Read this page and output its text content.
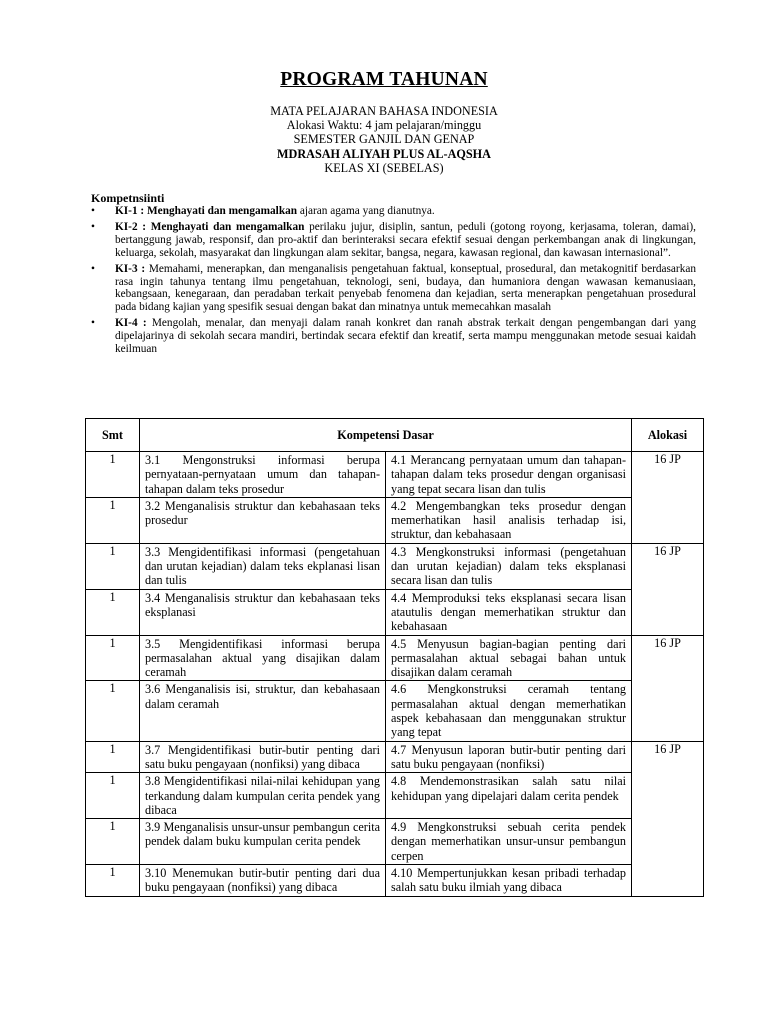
PROGRAM TAHUNAN
MATA PELAJARAN BAHASA INDONESIA
Alokasi Waktu: 4 jam pelajaran/minggu
SEMESTER GANJIL DAN GENAP
MDRASAH ALIYAH PLUS AL-AQSHA
KELAS XI (SEBELAS)
Kompetnsiinti
• KI-1 : Menghayati dan mengamalkan ajaran agama yang dianutnya.
• KI-2 : Menghayati dan mengamalkan perilaku jujur, disiplin, santun, peduli (gotong royong, kerjasama, toleran, damai), bertanggung jawab, responsif, dan pro-aktif dan berinteraksi secara efektif sesuai dengan perkembangan anak di lingkungan, keluarga, sekolah, masyarakat dan lingkungan alam sekitar, bangsa, negara, kawasan regional, dan kawasan internasional”.
• KI-3 : Memahami, menerapkan, dan menganalisis pengetahuan faktual, konseptual, prosedural, dan metakognitif berdasarkan rasa ingin tahunya tentang ilmu pengetahuan, teknologi, seni, budaya, dan humaniora dengan wawasan kemanusiaan, kebangsaan, kenegaraan, dan peradaban terkait penyebab fenomena dan kejadian, serta menerapkan pengetahuan prosedural pada bidang kajian yang spesifik sesuai dengan bakat dan minatnya untuk memecahkan masalah
• KI-4 : Mengolah, menalar, dan menyaji dalam ranah konkret dan ranah abstrak terkait dengan pengembangan dari yang dipelajarinya di sekolah secara mandiri, bertindak secara efektif dan kreatif, serta mampu menggunakan metode sesuai kaidah keilmuan
Smt	Kompetensi Dasar		Alokasi
1	3.1 Mengonstruksi informasi berupa pernyataan-pernyataan umum dan tahapan-tahapan dalam teks prosedur	4.1 Merancang pernyataan umum dan tahapan-tahapan dalam teks prosedur dengan organisasi yang tepat secara lisan dan tulis	16 JP
1	3.2 Menganalisis struktur dan kebahasaan teks prosedur	4.2 Mengembangkan teks prosedur dengan memerhatikan hasil analisis terhadap isi, struktur, dan kebahasaan	
1	3.3 Mengidentifikasi informasi (pengetahuan dan urutan kejadian) dalam teks ekplanasi lisan dan tulis	4.3 Mengkonstruksi informasi (pengetahuan dan urutan kejadian) dalam teks eksplanasi secara lisan dan tulis	16 JP
1	3.4 Menganalisis struktur dan kebahasaan teks eksplanasi	4.4 Memproduksi teks eksplanasi secara lisan atautulis dengan memerhatikan struktur dan kebahasaan	
1	3.5 Mengidentifikasi informasi berupa permasalahan aktual yang disajikan dalam ceramah	4.5 Menyusun bagian-bagian penting dari permasalahan aktual sebagai bahan untuk disajikan dalam ceramah	16 JP
1	3.6 Menganalisis isi, struktur, dan kebahasaan dalam ceramah	4.6 Mengkonstruksi ceramah tentang permasalahan aktual dengan memerhatikan aspek kebahasaan dan menggunakan struktur yang tepat	
1	3.7 Mengidentifikasi butir-butir penting dari satu buku pengayaan (nonfiksi) yang dibaca	4.7 Menyusun laporan butir-butir penting dari satu buku pengayaan (nonfiksi)	16 JP
1	3.8 Mengidentifikasi nilai-nilai kehidupan yang terkandung dalam kumpulan cerita pendek yang dibaca	4.8 Mendemonstrasikan salah satu nilai kehidupan yang dipelajari dalam cerita pendek	
1	3.9 Menganalisis unsur-unsur pembangun cerita pendek dalam buku kumpulan cerita pendek	4.9 Mengkonstruksi sebuah cerita pendek dengan memerhatikan unsur-unsur pembangun cerpen	
1	3.10 Menemukan butir-butir penting dari dua buku pengayaan (nonfiksi) yang dibaca	4.10 Mempertunjukkan kesan pribadi terhadap salah satu buku ilmiah yang dibaca	
